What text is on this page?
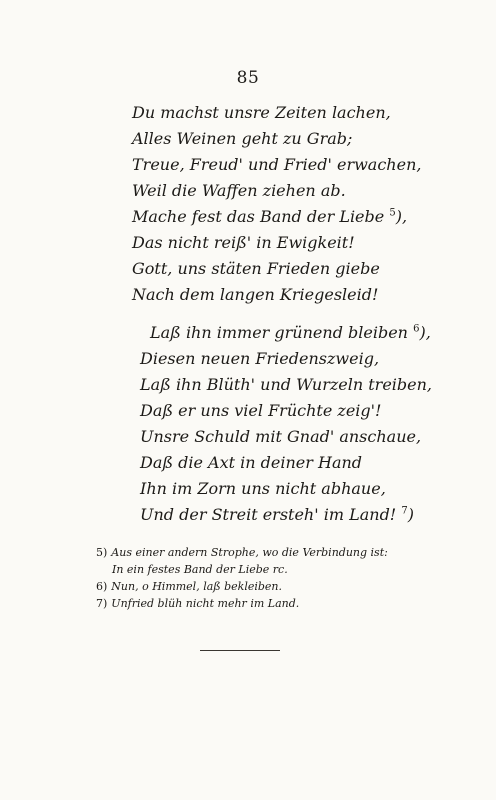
85
Du machst unsre Zeiten lachen,
Alles Weinen geht zu Grab;
Treue, Freud' und Fried' erwachen,
Weil die Waffen ziehen ab.
Mache fest das Band der Liebe $^5$),
Das nicht reiß' in Ewigkeit!
Gott, uns stäten Frieden giebe
Nach dem langen Kriegesleid!
Laß ihn immer grünend bleiben $^6$),
Diesen neuen Friedenszweig,
Laß ihn Blüth' und Wurzeln treiben,
Daß er uns viel Früchte zeig'!
Unsre Schuld mit Gnad' anschaue,
Daß die Axt in deiner Hand
Ihn im Zorn uns nicht abhaue,
Und der Streit ersteh' im Land! $^7$)
5) Aus einer andern Strophe, wo die Verbindung ist:
In ein festes Band der Liebe rc.
6) Nun, o Himmel, laß bekleiben.
7) Unfried blüh nicht mehr im Land.
